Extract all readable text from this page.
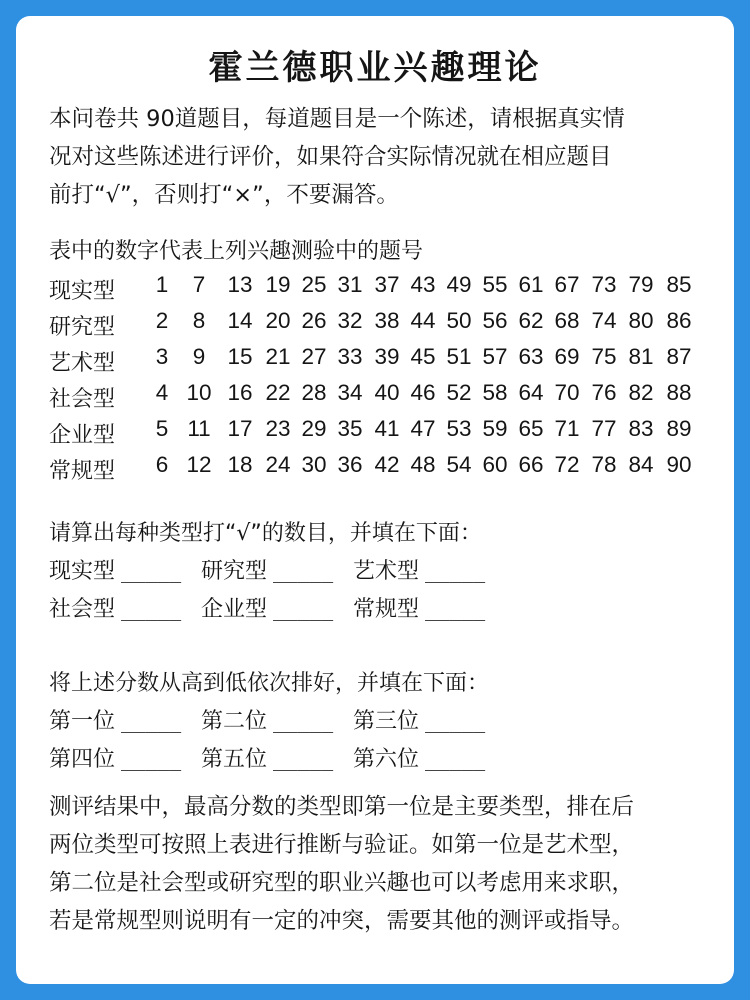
霍兰德职业兴趣理论
本问卷共 90道题目，每道题目是一个陈述，请根据真实情
况对这些陈述进行评价，如果符合实际情况就在相应题目
前打“√”，否则打“×”，不要漏答。
表中的数字代表上列兴趣测验中的题号
现实型	1	7 13 19 25 31 37 43 49 55 61 67 73 79 85
研究型	2	8 14 20 26 32 38 44 50 56 62 68 74 80 86
艺术型	3	9 15 21 27 33 39 45 51 57 63 69 75 81 87
社会型	4 10 16 22 28 34 40 46 52 58 64 70 76 82 88
企业型	5 11 17 23 29 35 41 47 53 59 65 71 77 83 89
常规型	6 12 18 24 30 36 42 48 54 60 66 72 78 84 90
请算出每种类型打“√”的数目，并填在下面：
现实型 _____ 研究型 _____ 艺术型 _____
社会型 _____ 企业型 _____ 常规型 _____
将上述分数从高到低依次排好，并填在下面：
第一位 _____ 第二位 _____ 第三位 _____
第四位 _____ 第五位 _____ 第六位 _____
测评结果中，最高分数的类型即第一位是主要类型，排在后
两位类型可按照上表进行推断与验证。如第一位是艺术型，
第二位是社会型或研究型的职业兴趣也可以考虑用来求职，
若是常规型则说明有一定的冲突，需要其他的测评或指导。
